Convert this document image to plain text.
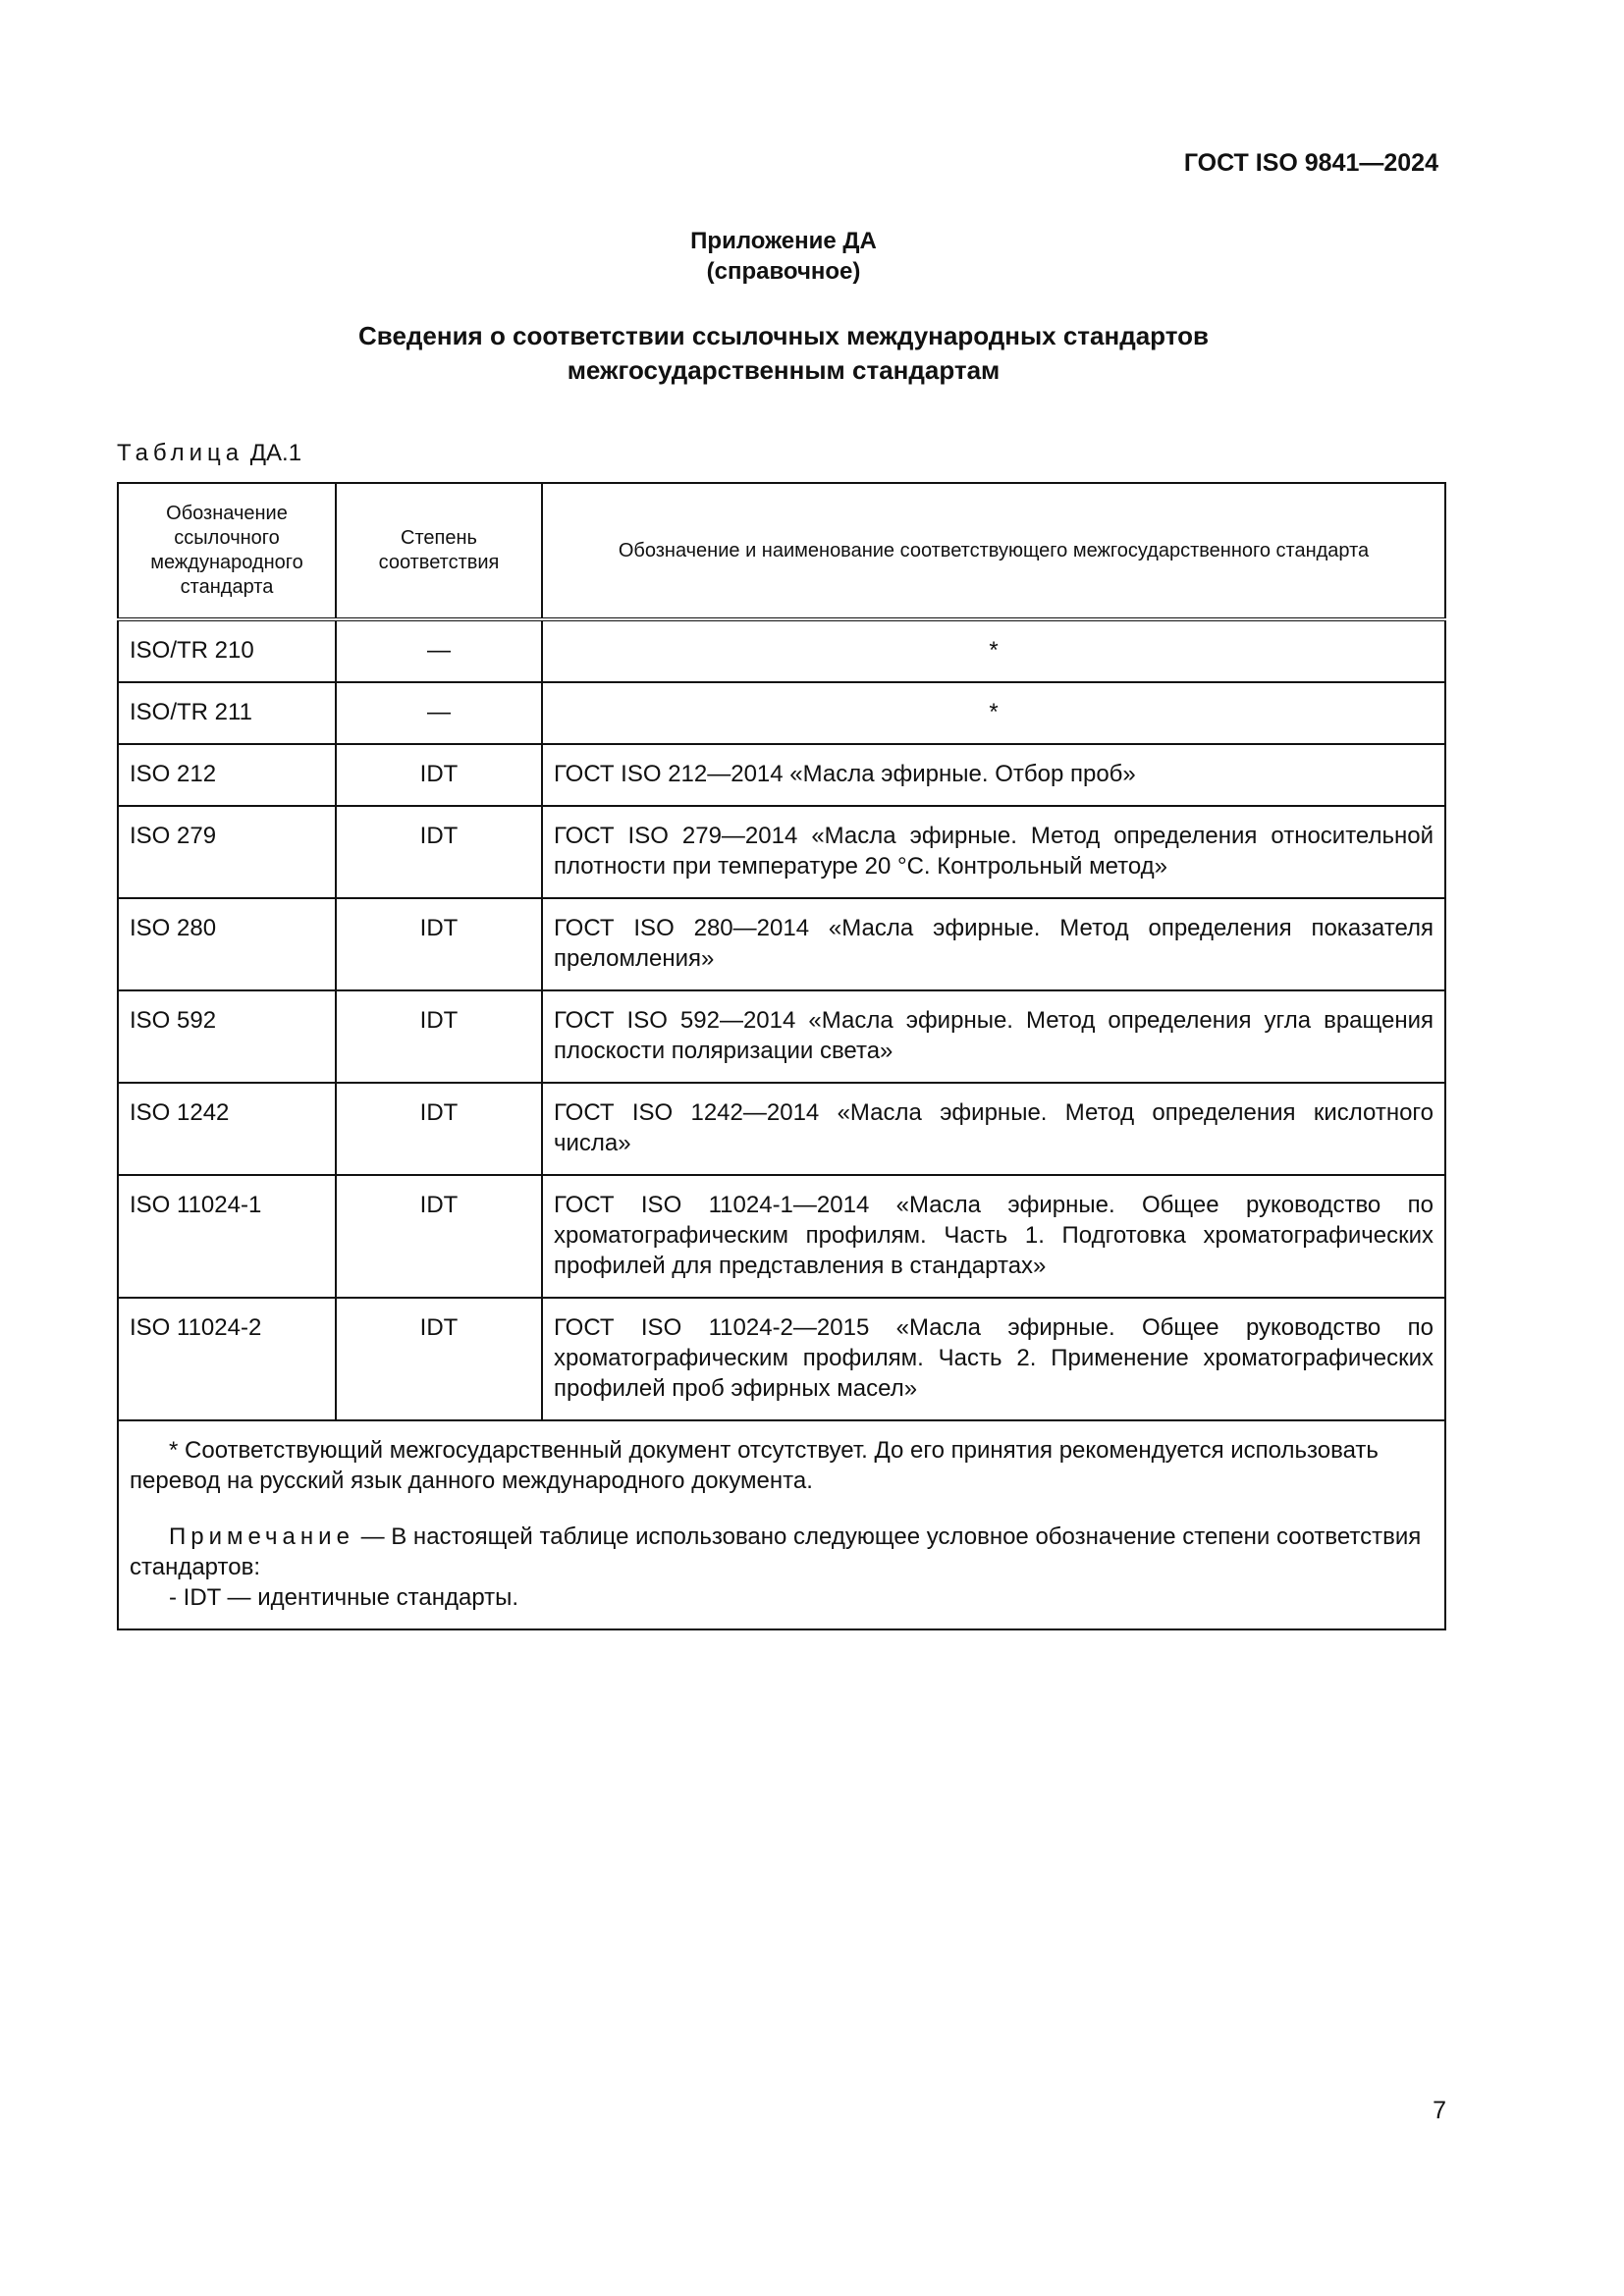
ГОСТ ISO 9841—2024
Приложение ДА
(справочное)
Сведения о соответствии ссылочных международных стандартов
межгосударственным стандартам
Таблица ДА.1
Обозначение ссылочного международного стандарта	Степень соответствия	Обозначение и наименование соответствующего межгосударственного стандарта
ISO/TR 210	—	*
ISO/TR 211	—	*
ISO 212	IDT	ГОСТ ISO 212—2014 «Масла эфирные. Отбор проб»
ISO 279	IDT	ГОСТ ISO 279—2014 «Масла эфирные. Метод определения относительной плотности при температуре 20 °С. Контрольный метод»
ISO 280	IDT	ГОСТ ISO 280—2014 «Масла эфирные. Метод определения показателя преломления»
ISO 592	IDT	ГОСТ ISO 592—2014 «Масла эфирные. Метод определения угла вращения плоскости поляризации света»
ISO 1242	IDT	ГОСТ ISO 1242—2014 «Масла эфирные. Метод определения кислотного числа»
ISO 11024-1	IDT	ГОСТ ISO 11024-1—2014 «Масла эфирные. Общее руководство по хроматографическим профилям. Часть 1. Подготовка хроматографических профилей для представления в стандартах»
ISO 11024-2	IDT	ГОСТ ISO 11024-2—2015 «Масла эфирные. Общее руководство по хроматографическим профилям. Часть 2. Применение хроматографических профилей проб эфирных масел»

* Соответствующий межгосударственный документ отсутствует. До его принятия рекомендуется использовать перевод на русский язык данного международного документа.

Примечание — В настоящей таблице использовано следующее условное обозначение степени соответствия стандартов:

- IDT — идентичные стандарты.		

7
